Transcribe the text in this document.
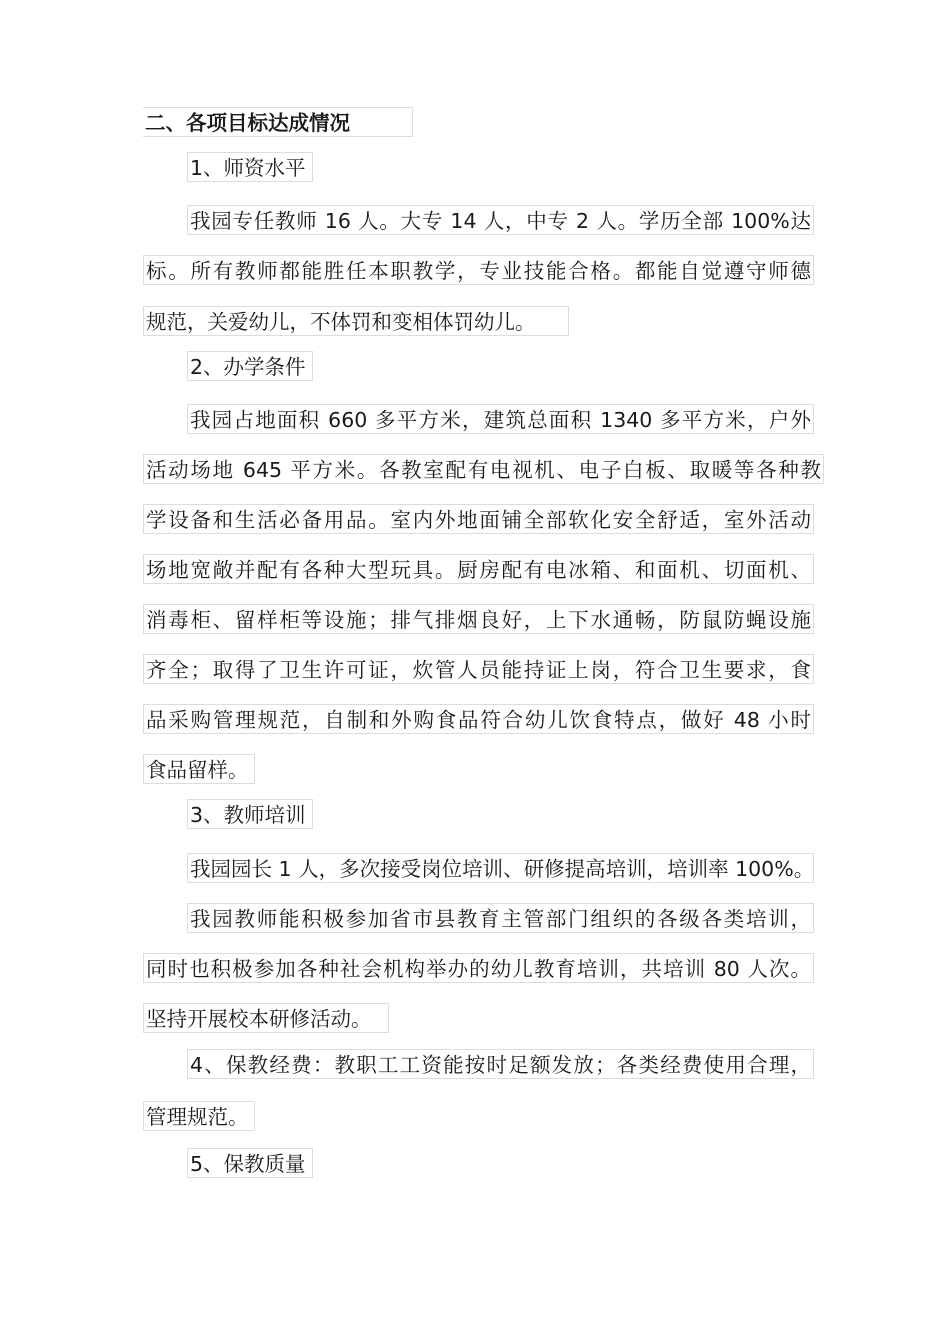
二、各项目标达成情况
1、师资水平
我园专任教师 16 人。大专 14 人，中专 2 人。学历全部 100%达
标。所有教师都能胜任本职教学，专业技能合格。都能自觉遵守师德
规范，关爱幼儿，不体罚和变相体罚幼儿。
2、办学条件
我园占地面积 660 多平方米，建筑总面积 1340 多平方米，户外
活动场地 645 平方米。各教室配有电视机、电子白板、取暖等各种教
学设备和生活必备用品。室内外地面铺全部软化安全舒适，室外活动
场地宽敞并配有各种大型玩具。厨房配有电冰箱、和面机、切面机、
消毒柜、留样柜等设施；排气排烟良好，上下水通畅，防鼠防蝇设施
齐全；取得了卫生许可证，炊管人员能持证上岗，符合卫生要求，食
品采购管理规范，自制和外购食品符合幼儿饮食特点，做好 48 小时
食品留样。
3、教师培训
我园园长 1 人，多次接受岗位培训、研修提高培训，培训率 100%。
我园教师能积极参加省市县教育主管部门组织的各级各类培训，
同时也积极参加各种社会机构举办的幼儿教育培训，共培训 80 人次。
坚持开展校本研修活动。
4、保教经费：教职工工资能按时足额发放；各类经费使用合理，
管理规范。
5、保教质量
